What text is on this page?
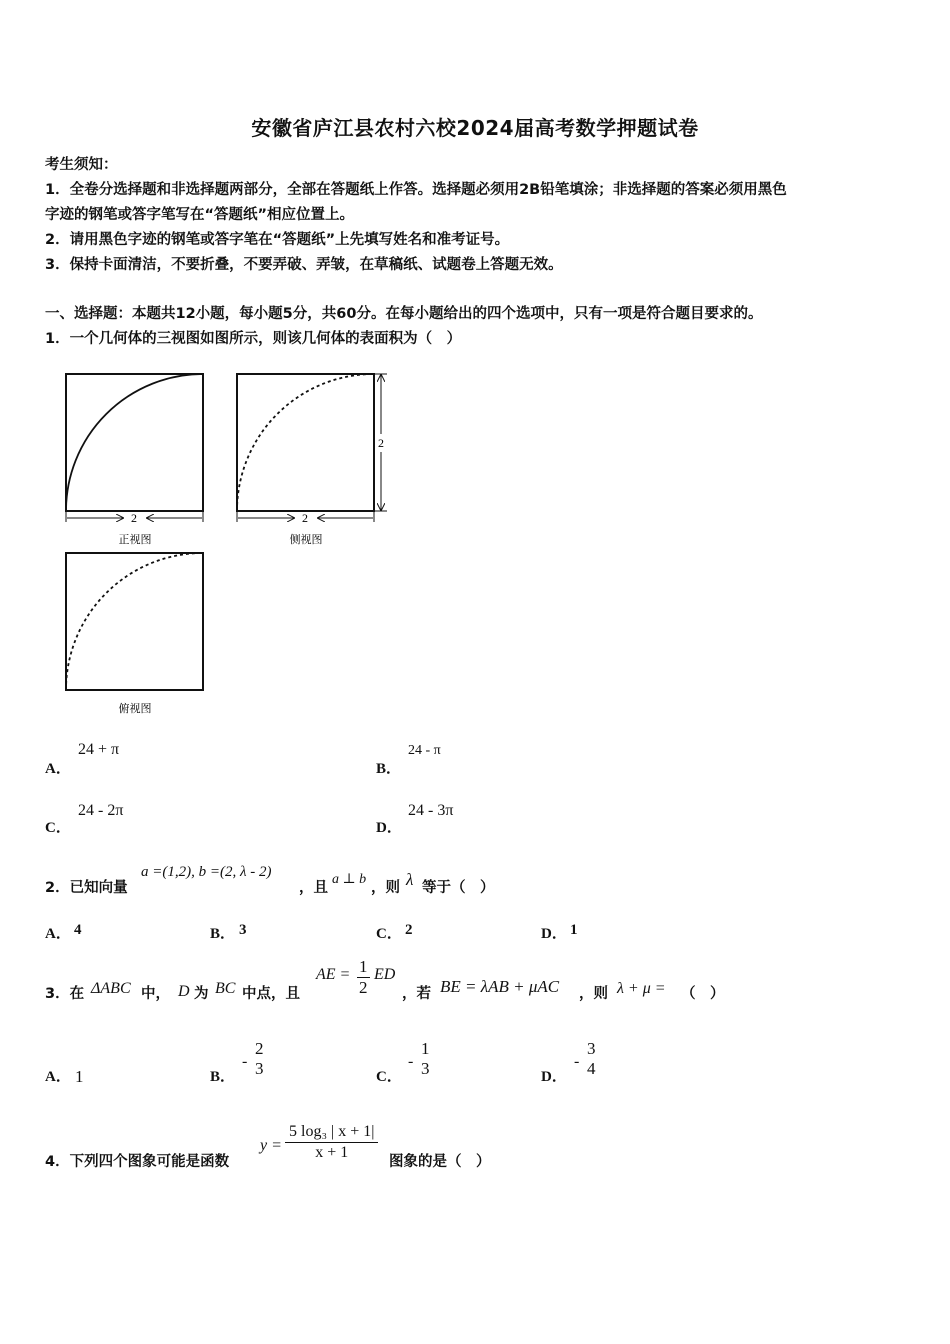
安徽省庐江县农村六校2024届高考数学押题试卷
考生须知：
1．全卷分选择题和非选择题两部分，全部在答题纸上作答。选择题必须用2B铅笔填涂；非选择题的答案必须用黑色
字迹的钢笔或答字笔写在“答题纸”相应位置上。
2．请用黑色字迹的钢笔或答字笔在“答题纸”上先填写姓名和准考证号。
3．保持卡面清洁，不要折叠，不要弄破、弄皱，在草稿纸、试题卷上答题无效。
一、选择题：本题共12小题，每小题5分，共60分。在每小题给出的四个选项中，只有一项是符合题目要求的。
1．一个几何体的三视图如图所示，则该几何体的表面积为（　）
2
正视图
2
2
侧视图
俯视图
A．
24 + π
B．
24 - π
C．
24 - 2π
D．
24 - 3π
2．已知向量
a =(1,2), b =(2, λ - 2)
，且
a ⊥ b
，则 λ 等于（　）
A． 4	B． 3	C． 2	D． 1
3．在 ΔABC 中， D 为 BC 中点，且
AE = $\frac{1}{2}$ ED
，若 BE = λAB + μAC ，则 λ + μ = （　）
A． 1	B．
-
2
3	C．
-
1
3	D．
-
3
4
4．下列四个图象可能是函数
$y = \frac{\text{5 log₃ | x + 1|}}{x + 1}$ 图象的是（　）
